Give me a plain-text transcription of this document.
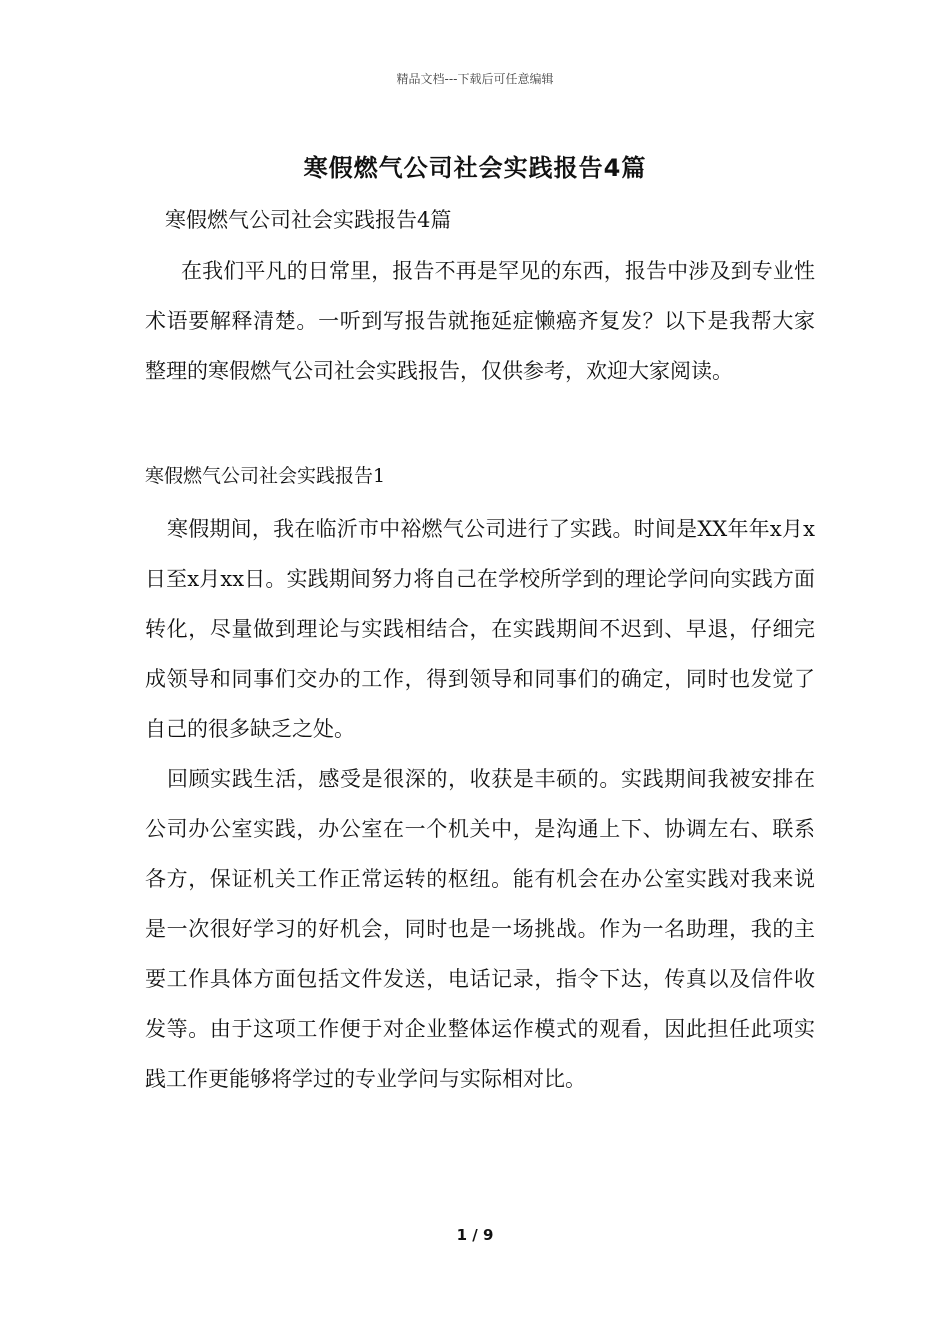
精品文档---下载后可任意编辑
寒假燃气公司社会实践报告4篇
寒假燃气公司社会实践报告4篇

在我们平凡的日常里，报告不再是罕见的东西，报告中涉及到专业性术语要解释清楚。一听到写报告就拖延症懒癌齐复发？以下是我帮大家整理的寒假燃气公司社会实践报告，仅供参考，欢迎大家阅读。

寒假燃气公司社会实践报告1

寒假期间，我在临沂市中裕燃气公司进行了实践。时间是XX年年x月x日至x月xx日。实践期间努力将自己在学校所学到的理论学问向实践方面转化，尽量做到理论与实践相结合，在实践期间不迟到、早退，仔细完成领导和同事们交办的工作，得到领导和同事们的确定，同时也发觉了自己的很多缺乏之处。

回顾实践生活，感受是很深的，收获是丰硕的。实践期间我被安排在公司办公室实践，办公室在一个机关中，是沟通上下、协调左右、联系各方，保证机关工作正常运转的枢纽。能有机会在办公室实践对我来说是一次很好学习的好机会，同时也是一场挑战。作为一名助理，我的主要工作具体方面包括文件发送，电话记录，指令下达，传真以及信件收发等。由于这项工作便于对企业整体运作模式的观看，因此担任此项实践工作更能够将学过的专业学问与实际相对比。

1 / 9
